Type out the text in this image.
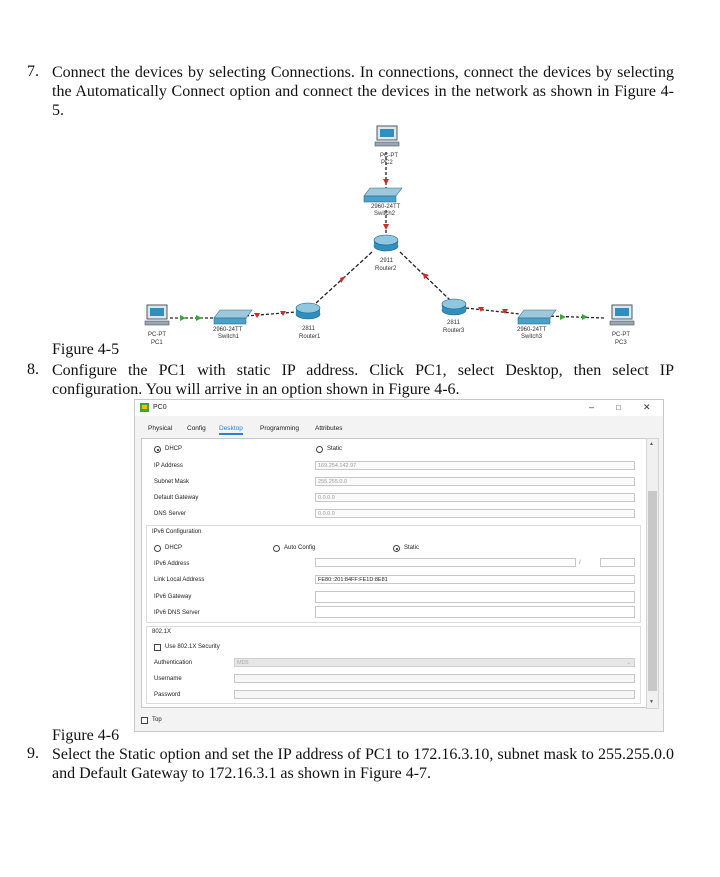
7. Connect the devices by selecting Connections. In connections, connect the devices by selecting the Automatically Connect option and connect the devices in the network as shown in Figure 4-5.
PC-PT
PC2
2960-24TT
Switch2
2911
Router2
PC-PT
PC1
2960-24TT
Switch1
2811
Router1
2811
Router3	2960-24TT
Switch3	PC-PT
PC3
Figure 4-5
8. Configure the PC1 with static IP address. Click PC1, select Desktop, then select IP configuration. You will arrive in an option shown in Figure 4-6.
PC0	–	□ ✕
Physical Config Desktop	Programming Attributes
DHCP	Static
IP Address	169.254.142.97
Subnet Mask	255.255.0.0
Default Gateway	0.0.0.0
DNS Server	0.0.0.0
IPv6 Configuration
DHCP	Auto Config	Static
IPv6 Address	/
Link Local Address	FE80::201:84FF:FE1D:8E81
IPv6 Gateway
IPv6 DNS Server
802.1X
Use 802.1X Security
Authentication	MD5	⌄
Username
Password
▲
▼
Top
Figure 4-6
9. Select the Static option and set the IP address of PC1 to 172.16.3.10, subnet mask to 255.255.0.0 and Default Gateway to 172.16.3.1 as shown in Figure 4-7.
